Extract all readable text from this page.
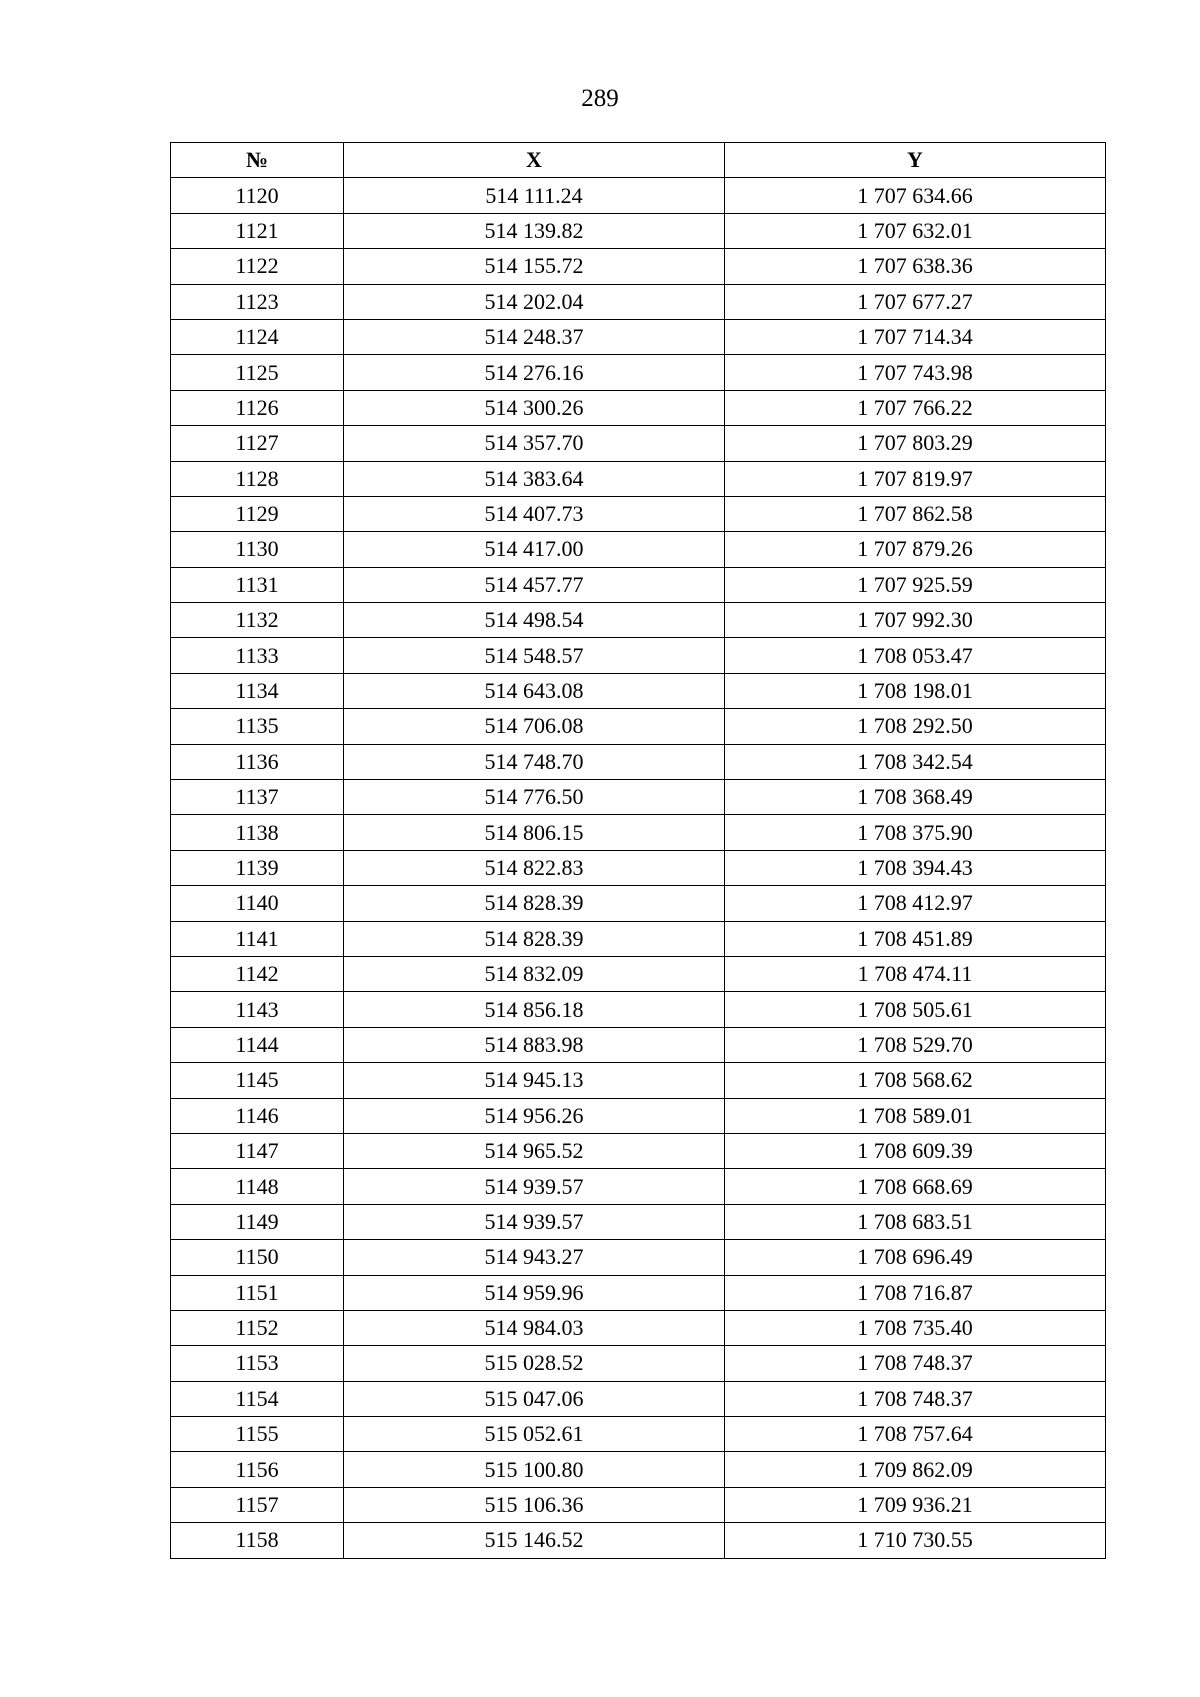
289
№	X	Y
1120	514 111.24	1 707 634.66
1121	514 139.82	1 707 632.01
1122	514 155.72	1 707 638.36
1123	514 202.04	1 707 677.27
1124	514 248.37	1 707 714.34
1125	514 276.16	1 707 743.98
1126	514 300.26	1 707 766.22
1127	514 357.70	1 707 803.29
1128	514 383.64	1 707 819.97
1129	514 407.73	1 707 862.58
1130	514 417.00	1 707 879.26
1131	514 457.77	1 707 925.59
1132	514 498.54	1 707 992.30
1133	514 548.57	1 708 053.47
1134	514 643.08	1 708 198.01
1135	514 706.08	1 708 292.50
1136	514 748.70	1 708 342.54
1137	514 776.50	1 708 368.49
1138	514 806.15	1 708 375.90
1139	514 822.83	1 708 394.43
1140	514 828.39	1 708 412.97
1141	514 828.39	1 708 451.89
1142	514 832.09	1 708 474.11
1143	514 856.18	1 708 505.61
1144	514 883.98	1 708 529.70
1145	514 945.13	1 708 568.62
1146	514 956.26	1 708 589.01
1147	514 965.52	1 708 609.39
1148	514 939.57	1 708 668.69
1149	514 939.57	1 708 683.51
1150	514 943.27	1 708 696.49
1151	514 959.96	1 708 716.87
1152	514 984.03	1 708 735.40
1153	515 028.52	1 708 748.37
1154	515 047.06	1 708 748.37
1155	515 052.61	1 708 757.64
1156	515 100.80	1 709 862.09
1157	515 106.36	1 709 936.21
1158	515 146.52	1 710 730.55
